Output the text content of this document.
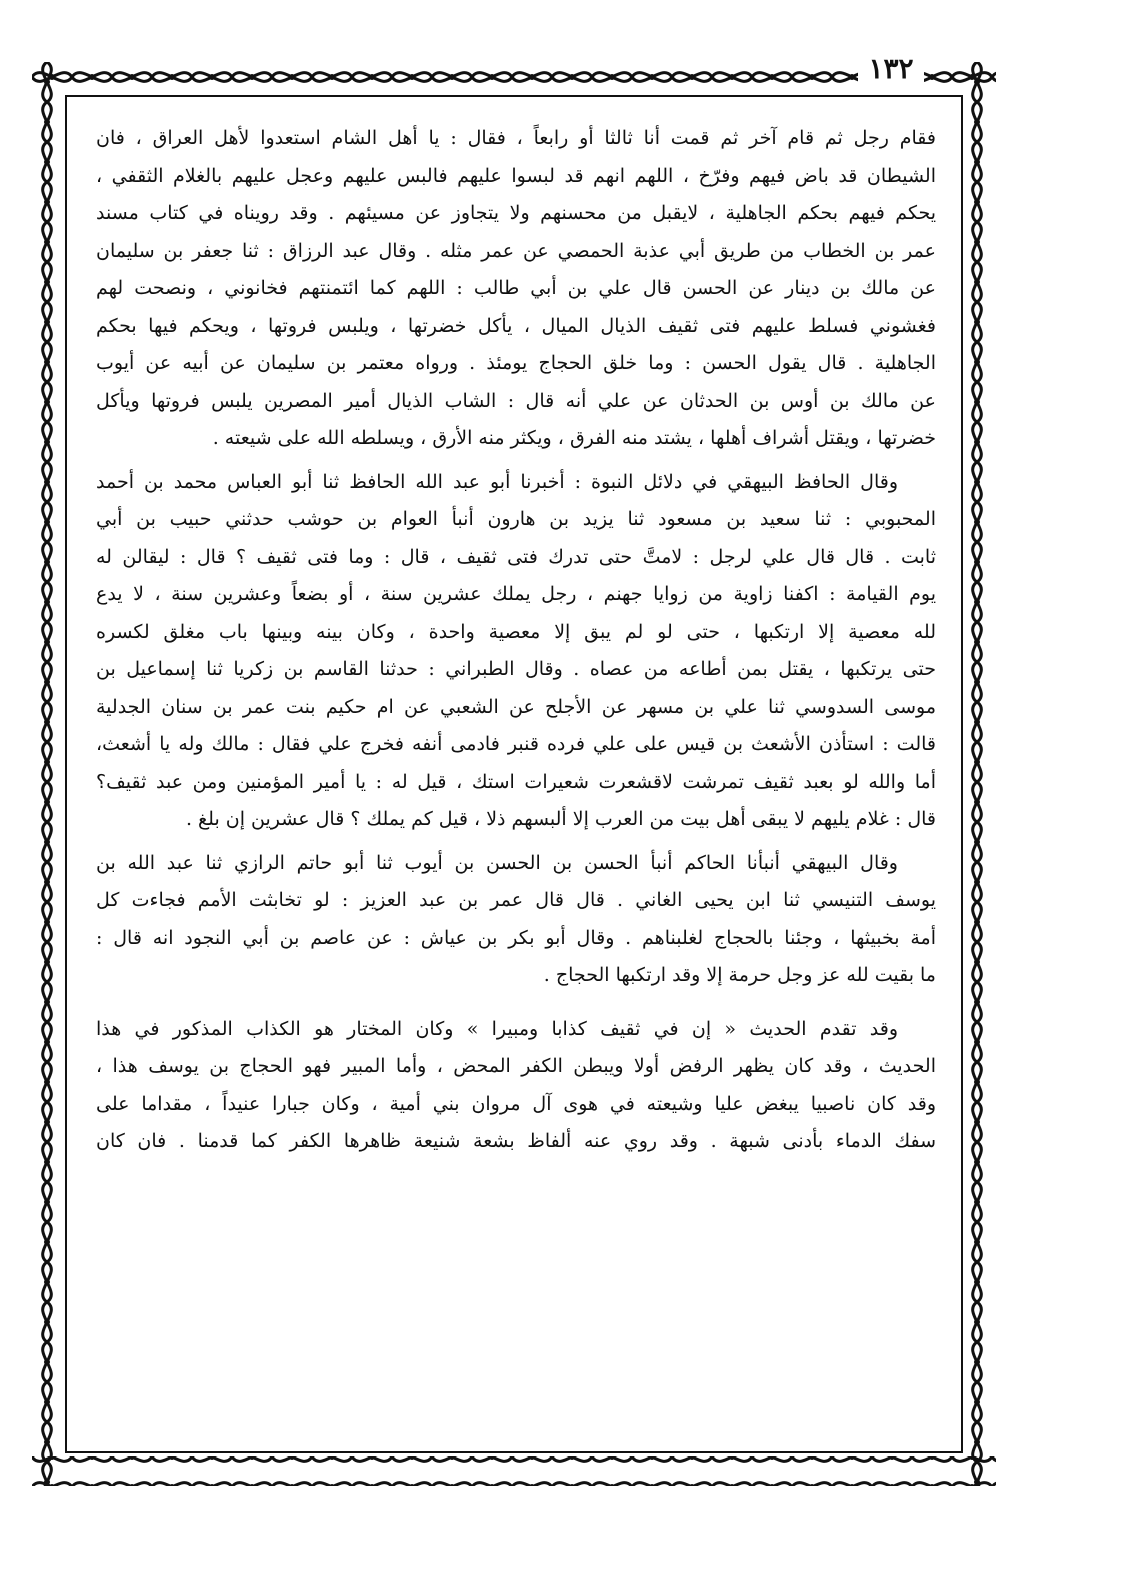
١٣٢
فقام رجل ثم قام آخر ثم قمت أنا ثالثا أو رابعاً ، فقال : يا أهل الشام استعدوا لأهل العراق ، فان
الشيطان قد باض فيهم وفرّخ ، اللهم انهم قد لبسوا عليهم فالبس عليهم وعجل عليهم بالغلام الثقفي ،
يحكم فيهم بحكم الجاهلية ، لايقبل من محسنهم ولا يتجاوز عن مسيئهم . وقد رويناه في كتاب مسند
عمر بن الخطاب من طريق أبي عذبة الحمصي عن عمر مثله . وقال عبد الرزاق : ثنا جعفر بن سليمان
عن مالك بن دينار عن الحسن قال علي بن أبي طالب : اللهم كما ائتمنتهم فخانوني ، ونصحت لهم
فغشوني فسلط عليهم فتى ثقيف الذيال الميال ، يأكل خضرتها ، ويلبس فروتها ، ويحكم فيها بحكم
الجاهلية . قال يقول الحسن : وما خلق الحجاج يومئذ . ورواه معتمر بن سليمان عن أبيه عن أيوب
عن مالك بن أوس بن الحدثان عن علي أنه قال : الشاب الذيال أمير المصرين يلبس فروتها ويأكل
خضرتها ، ويقتل أشراف أهلها ، يشتد منه الفرق ، ويكثر منه الأرق ، ويسلطه الله على شيعته .
وقال الحافظ البيهقي في دلائل النبوة : أخبرنا أبو عبد الله الحافظ ثنا أبو العباس محمد بن أحمد
المحبوبي : ثنا سعيد بن مسعود ثنا يزيد بن هارون أنبأ العوام بن حوشب حدثني حبيب بن أبي
ثابت . قال قال علي لرجل : لامتَّ حتى تدرك فتى ثقيف ، قال : وما فتى ثقيف ؟ قال : ليقالن له
يوم القيامة : اكفنا زاوية من زوايا جهنم ، رجل يملك عشرين سنة ، أو بضعاً وعشرين سنة ، لا يدع
لله معصية إلا ارتكبها ، حتى لو لم يبق إلا معصية واحدة ، وكان بينه وبينها باب مغلق لكسره
حتى يرتكبها ، يقتل بمن أطاعه من عصاه . وقال الطبراني : حدثنا القاسم بن زكريا ثنا إسماعيل بن
موسى السدوسي ثنا علي بن مسهر عن الأجلح عن الشعبي عن ام حكيم بنت عمر بن سنان الجدلية
قالت : استأذن الأشعث بن قيس على علي فرده قنبر فادمى أنفه فخرج علي فقال : مالك وله يا أشعث،
أما والله لو بعبد ثقيف تمرشت لاقشعرت شعيرات استك ، قيل له : يا أمير المؤمنين ومن عبد ثقيف؟
قال : غلام يليهم لا يبقى أهل بيت من العرب إلا ألبسهم ذلا ، قيل كم يملك ؟ قال عشرين إن بلغ .
وقال البيهقي أنبأنا الحاكم أنبأ الحسن بن الحسن بن أيوب ثنا أبو حاتم الرازي ثنا عبد الله بن
يوسف التنيسي ثنا ابن يحيى الغاني . قال قال عمر بن عبد العزيز : لو تخابثت الأمم فجاءت كل
أمة بخبيثها ، وجئنا بالحجاج لغلبناهم . وقال أبو بكر بن عياش : عن عاصم بن أبي النجود انه قال :
ما بقيت لله عز وجل حرمة إلا وقد ارتكبها الحجاج .
وقد تقدم الحديث « إن في ثقيف كذابا ومبيرا » وكان المختار هو الكذاب المذكور في هذا
الحديث ، وقد كان يظهر الرفض أولا ويبطن الكفر المحض ، وأما المبير فهو الحجاج بن يوسف هذا ،
وقد كان ناصبيا يبغض عليا وشيعته في هوى آل مروان بني أمية ، وكان جبارا عنيداً ، مقداما على
سفك الدماء بأدنى شبهة . وقد روي عنه ألفاظ بشعة شنيعة ظاهرها الكفر كما قدمنا . فان كان
